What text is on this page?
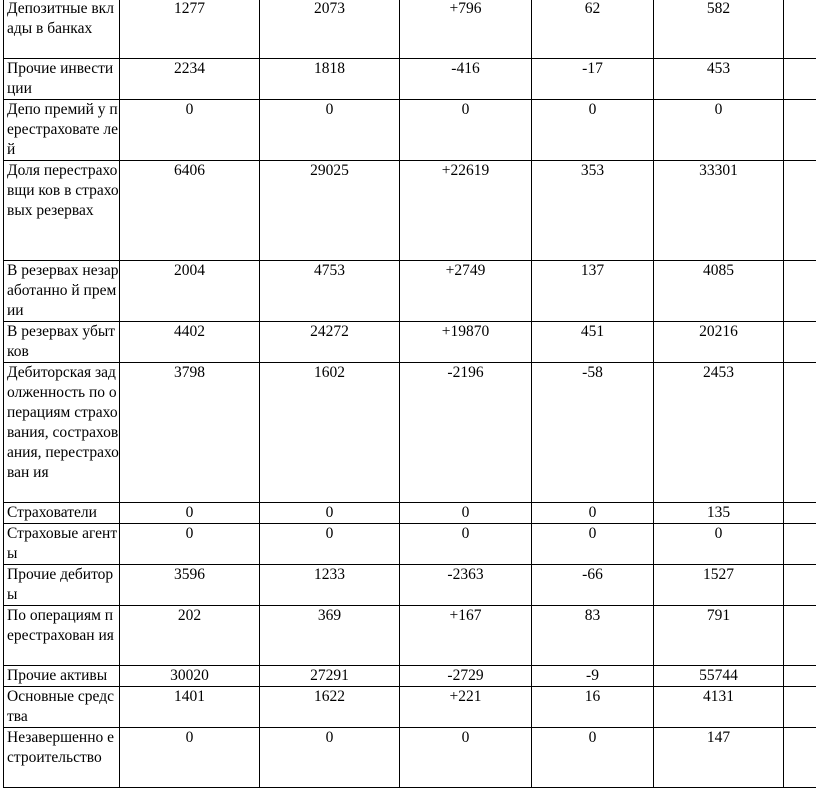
Депозитные вклады в банках	1277	2073	+796	62	582	
Прочие инвестиции	2234	1818	-416	-17	453	
Депо премий у перестраховате лей	0	0	0	0	0	
Доля перестраховщи ков в страховых резервах	6406	29025	+22619	353	33301	
В резервах незаработанно й премии	2004	4753	+2749	137	4085	
В резервах убытков	4402	24272	+19870	451	20216	
Дебиторская задолженность по операциям страхования, сострахования, перестрахован ия	3798	1602	-2196	-58	2453	
Страхователи	0	0	0	0	135	
Страховые агенты	0	0	0	0	0	
Прочие дебиторы	3596	1233	-2363	-66	1527	
По операциям перестрахован ия	202	369	+167	83	791	
Прочие активы	30020	27291	-2729	-9	55744	
Основные средства	1401	1622	+221	16	4131	
Незавершенно е строительство	0	0	0	0	147	
